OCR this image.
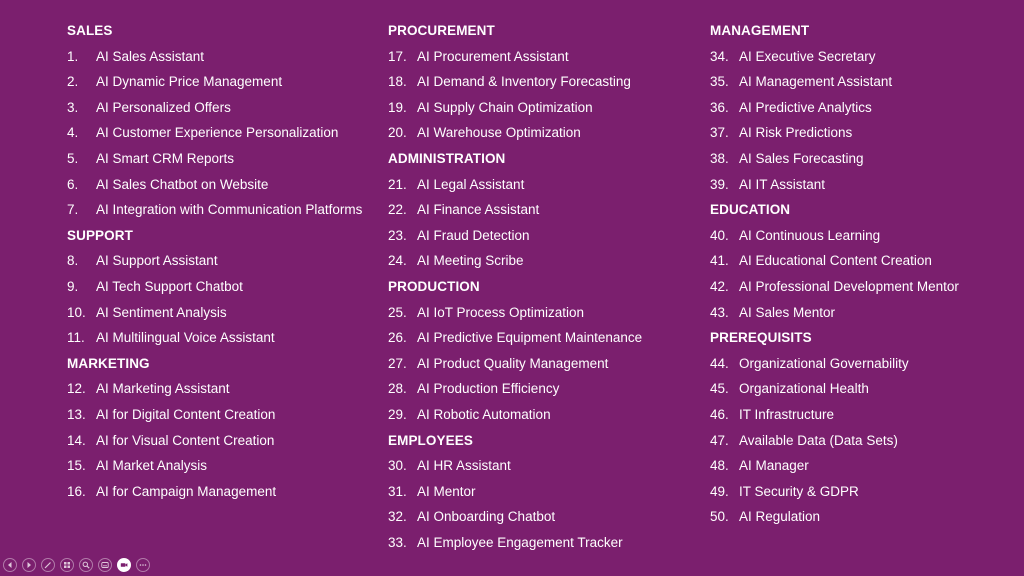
SALES
1.	AI Sales Assistant
2.	AI Dynamic Price Management
3.	AI Personalized Offers
4.	AI Customer Experience Personalization
5.	AI Smart CRM Reports
6.	AI Sales Chatbot on Website
7.	AI Integration with Communication Platforms
SUPPORT
8.	AI Support Assistant
9.	AI Tech Support Chatbot
10. AI Sentiment Analysis
11. AI Multilingual Voice Assistant
MARKETING
12. AI Marketing Assistant
13. AI for Digital Content Creation
14. AI for Visual Content Creation
15. AI Market Analysis
16. AI for Campaign Management
PROCUREMENT
17. AI Procurement Assistant
18. AI Demand & Inventory Forecasting
19. AI Supply Chain Optimization
20. AI Warehouse Optimization
ADMINISTRATION
21. AI Legal Assistant
22. AI Finance Assistant
23. AI Fraud Detection
24. AI Meeting Scribe
PRODUCTION
25. AI IoT Process Optimization
26. AI Predictive Equipment Maintenance
27. AI Product Quality Management
28. AI Production Efficiency
29. AI Robotic Automation
EMPLOYEES
30. AI HR Assistant
31. AI Mentor
32. AI Onboarding Chatbot
33. AI Employee Engagement Tracker
MANAGEMENT
34. AI Executive Secretary
35. AI Management Assistant
36. AI Predictive Analytics
37. AI Risk Predictions
38. AI Sales Forecasting
39. AI IT Assistant
EDUCATION
40. AI Continuous Learning
41. AI Educational Content Creation
42. AI Professional Development Mentor
43. AI Sales Mentor
PREREQUISITS
44. Organizational Governability
45. Organizational Health
46. IT Infrastructure
47. Available Data (Data Sets)
48. AI Manager
49. IT Security & GDPR
50. AI Regulation
